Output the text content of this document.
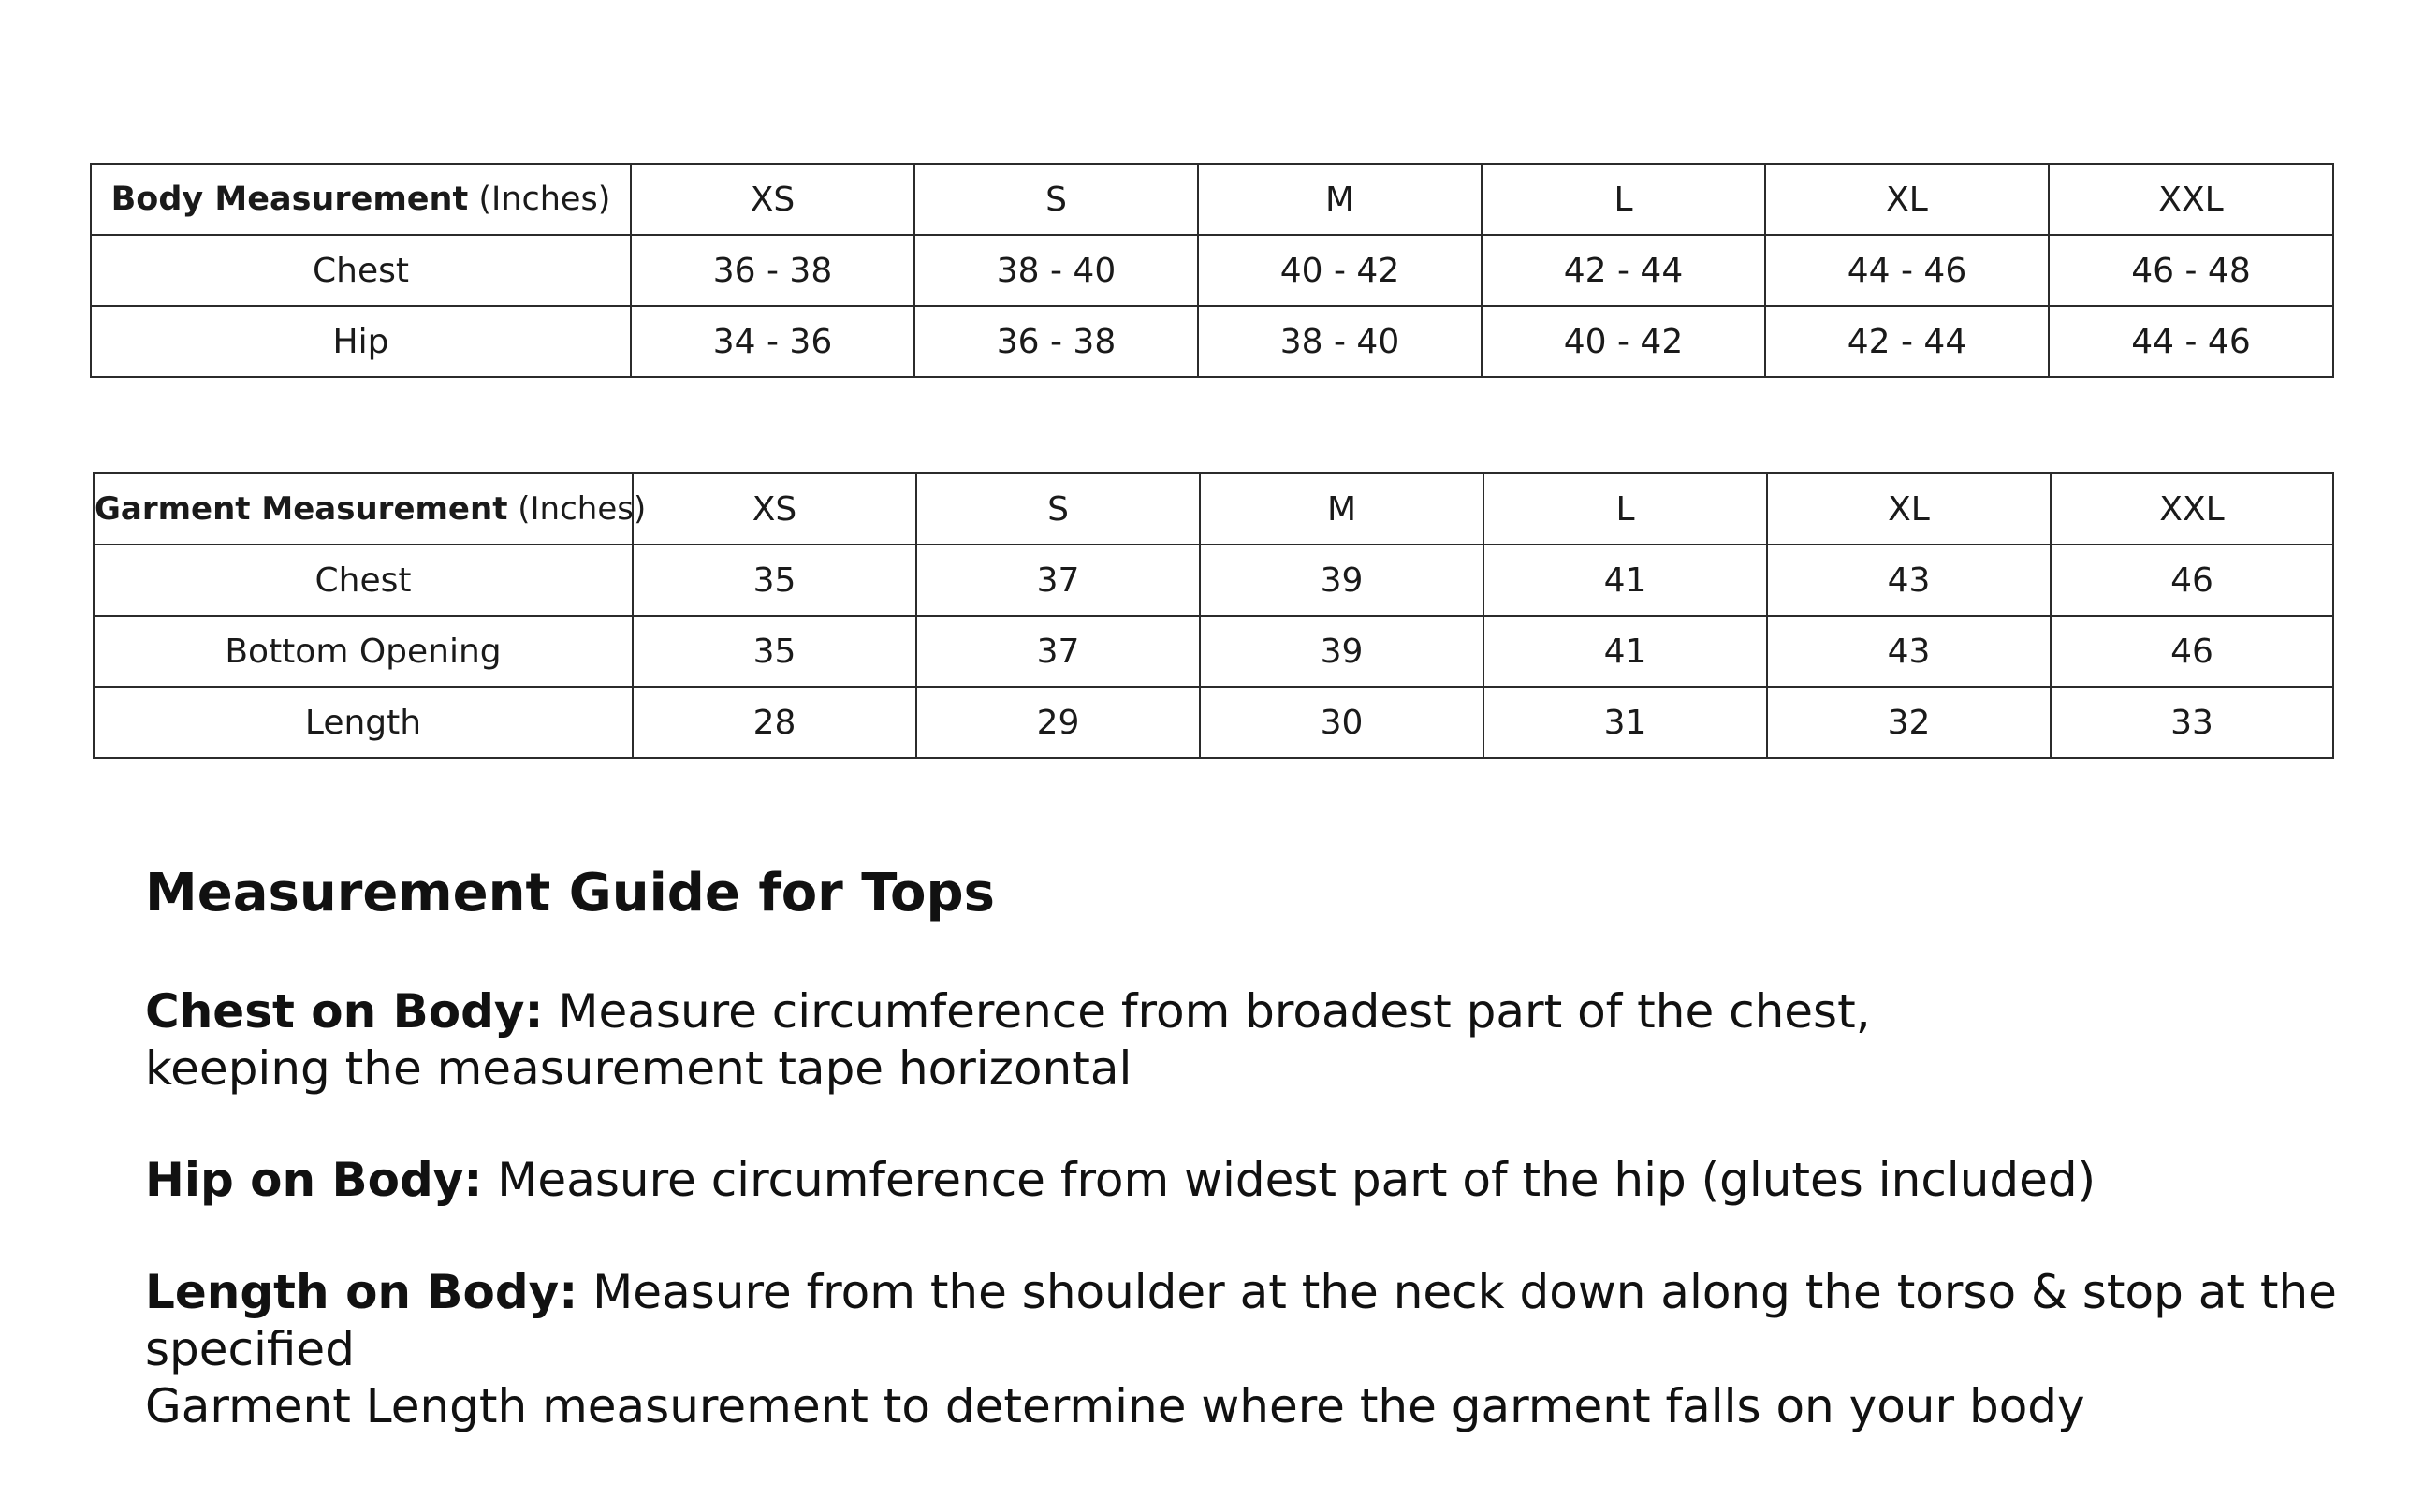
Body Measurement (Inches)	XS	S	M	L	XL	XXL
Chest	36 - 38	38 - 40	40 - 42	42 - 44	44 - 46	46 - 48
Hip	34 - 36	36 - 38	38 - 40	40 - 42	42 - 44	44 - 46
Garment Measurement (Inches)	XS	S	M	L	XL	XXL
Chest	35	37	39	41	43	46
Bottom Opening	35	37	39	41	43	46
Length	28	29	30	31	32	33
Measurement Guide for Tops
Chest on Body: Measure circumference from broadest part of the chest,
keeping the measurement tape horizontal
Hip on Body: Measure circumference from widest part of the hip (glutes included)
Length on Body: Measure from the shoulder at the neck down along the torso & stop at the specified
Garment Length measurement to determine where the garment falls on your body
